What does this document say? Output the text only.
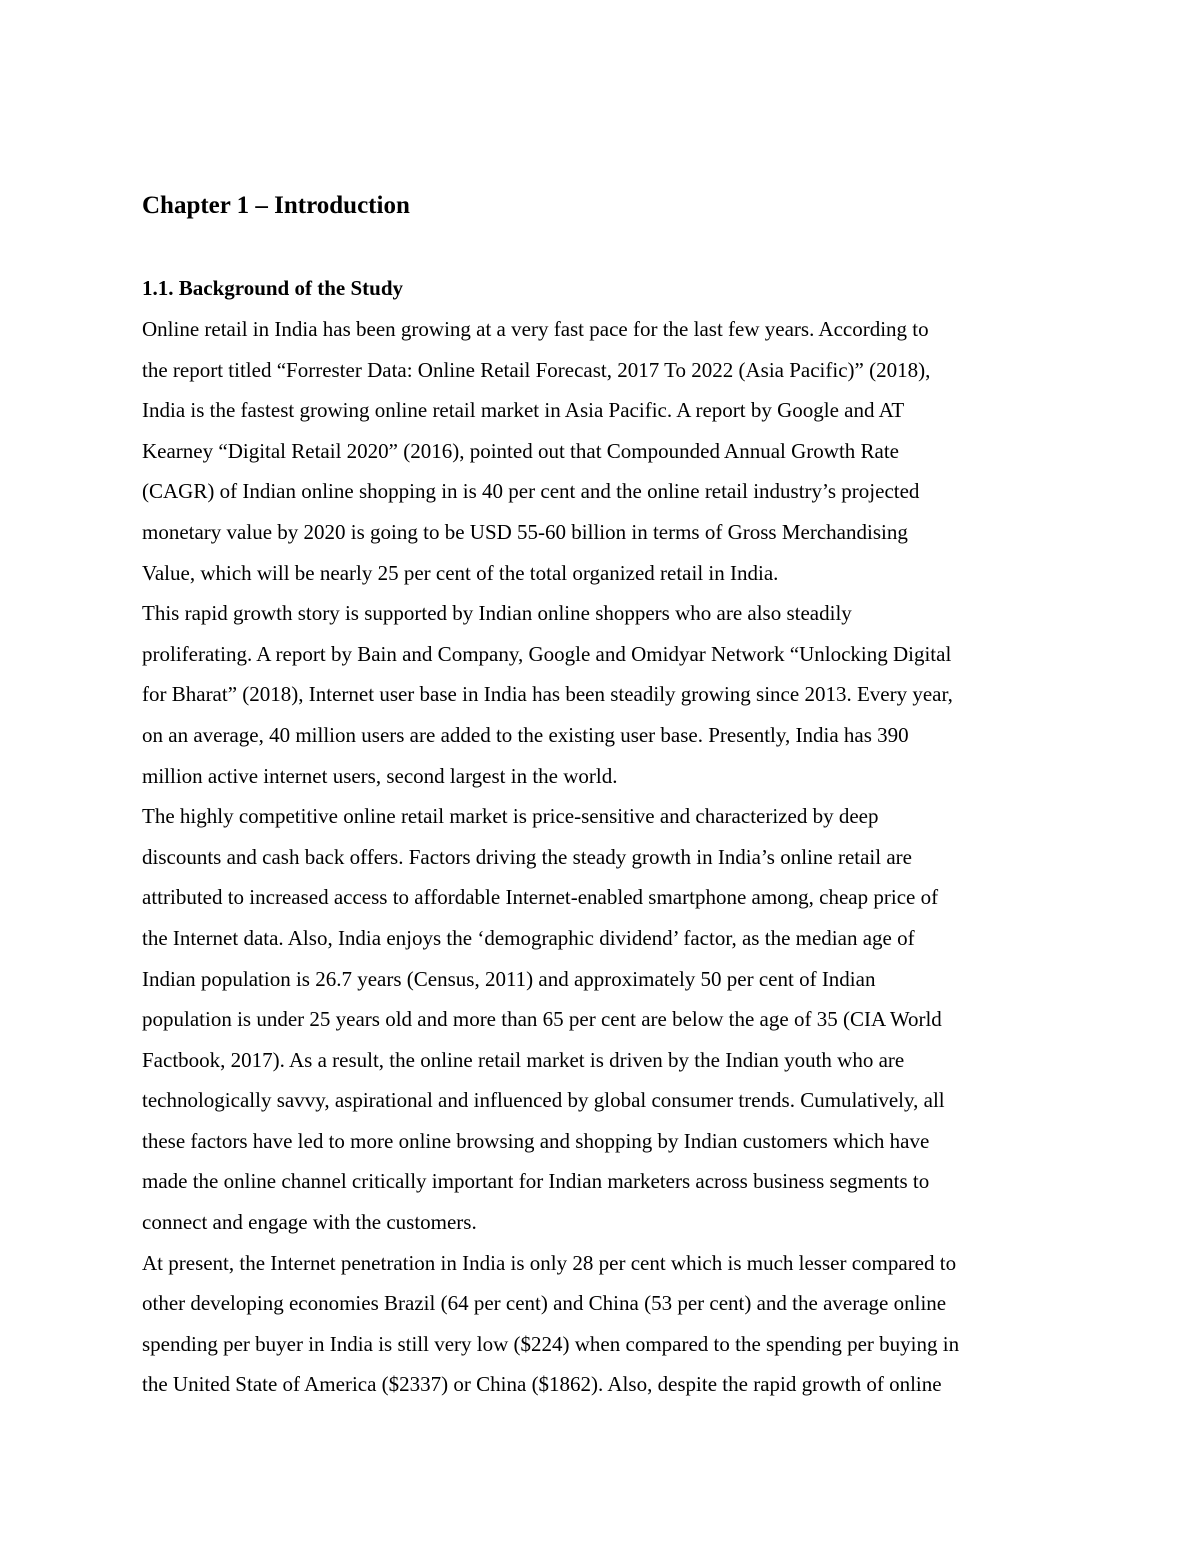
Chapter 1 – Introduction
1.1. Background of the Study
Online retail in India has been growing at a very fast pace for the last few years. According to
the report titled “Forrester Data: Online Retail Forecast, 2017 To 2022 (Asia Pacific)” (2018),
India is the fastest growing online retail market in Asia Pacific. A report by Google and AT
Kearney “Digital Retail 2020” (2016), pointed out that Compounded Annual Growth Rate
(CAGR) of Indian online shopping in is 40 per cent and the online retail industry’s projected
monetary value by 2020 is going to be USD 55-60 billion in terms of Gross Merchandising
Value, which will be nearly 25 per cent of the total organized retail in India.
This rapid growth story is supported by Indian online shoppers who are also steadily
proliferating. A report by Bain and Company, Google and Omidyar Network “Unlocking Digital
for Bharat” (2018), Internet user base in India has been steadily growing since 2013. Every year,
on an average, 40 million users are added to the existing user base. Presently, India has 390
million active internet users, second largest in the world.
The highly competitive online retail market is price-sensitive and characterized by deep
discounts and cash back offers. Factors driving the steady growth in India’s online retail are
attributed to increased access to affordable Internet-enabled smartphone among, cheap price of
the Internet data. Also, India enjoys the ‘demographic dividend’ factor, as the median age of
Indian population is 26.7 years (Census, 2011) and approximately 50 per cent of Indian
population is under 25 years old and more than 65 per cent are below the age of 35 (CIA World
Factbook, 2017). As a result, the online retail market is driven by the Indian youth who are
technologically savvy, aspirational and influenced by global consumer trends. Cumulatively, all
these factors have led to more online browsing and shopping by Indian customers which have
made the online channel critically important for Indian marketers across business segments to
connect and engage with the customers.
At present, the Internet penetration in India is only 28 per cent which is much lesser compared to
other developing economies Brazil (64 per cent) and China (53 per cent) and the average online
spending per buyer in India is still very low ($224) when compared to the spending per buying in
the United State of America ($2337) or China ($1862). Also, despite the rapid growth of online
